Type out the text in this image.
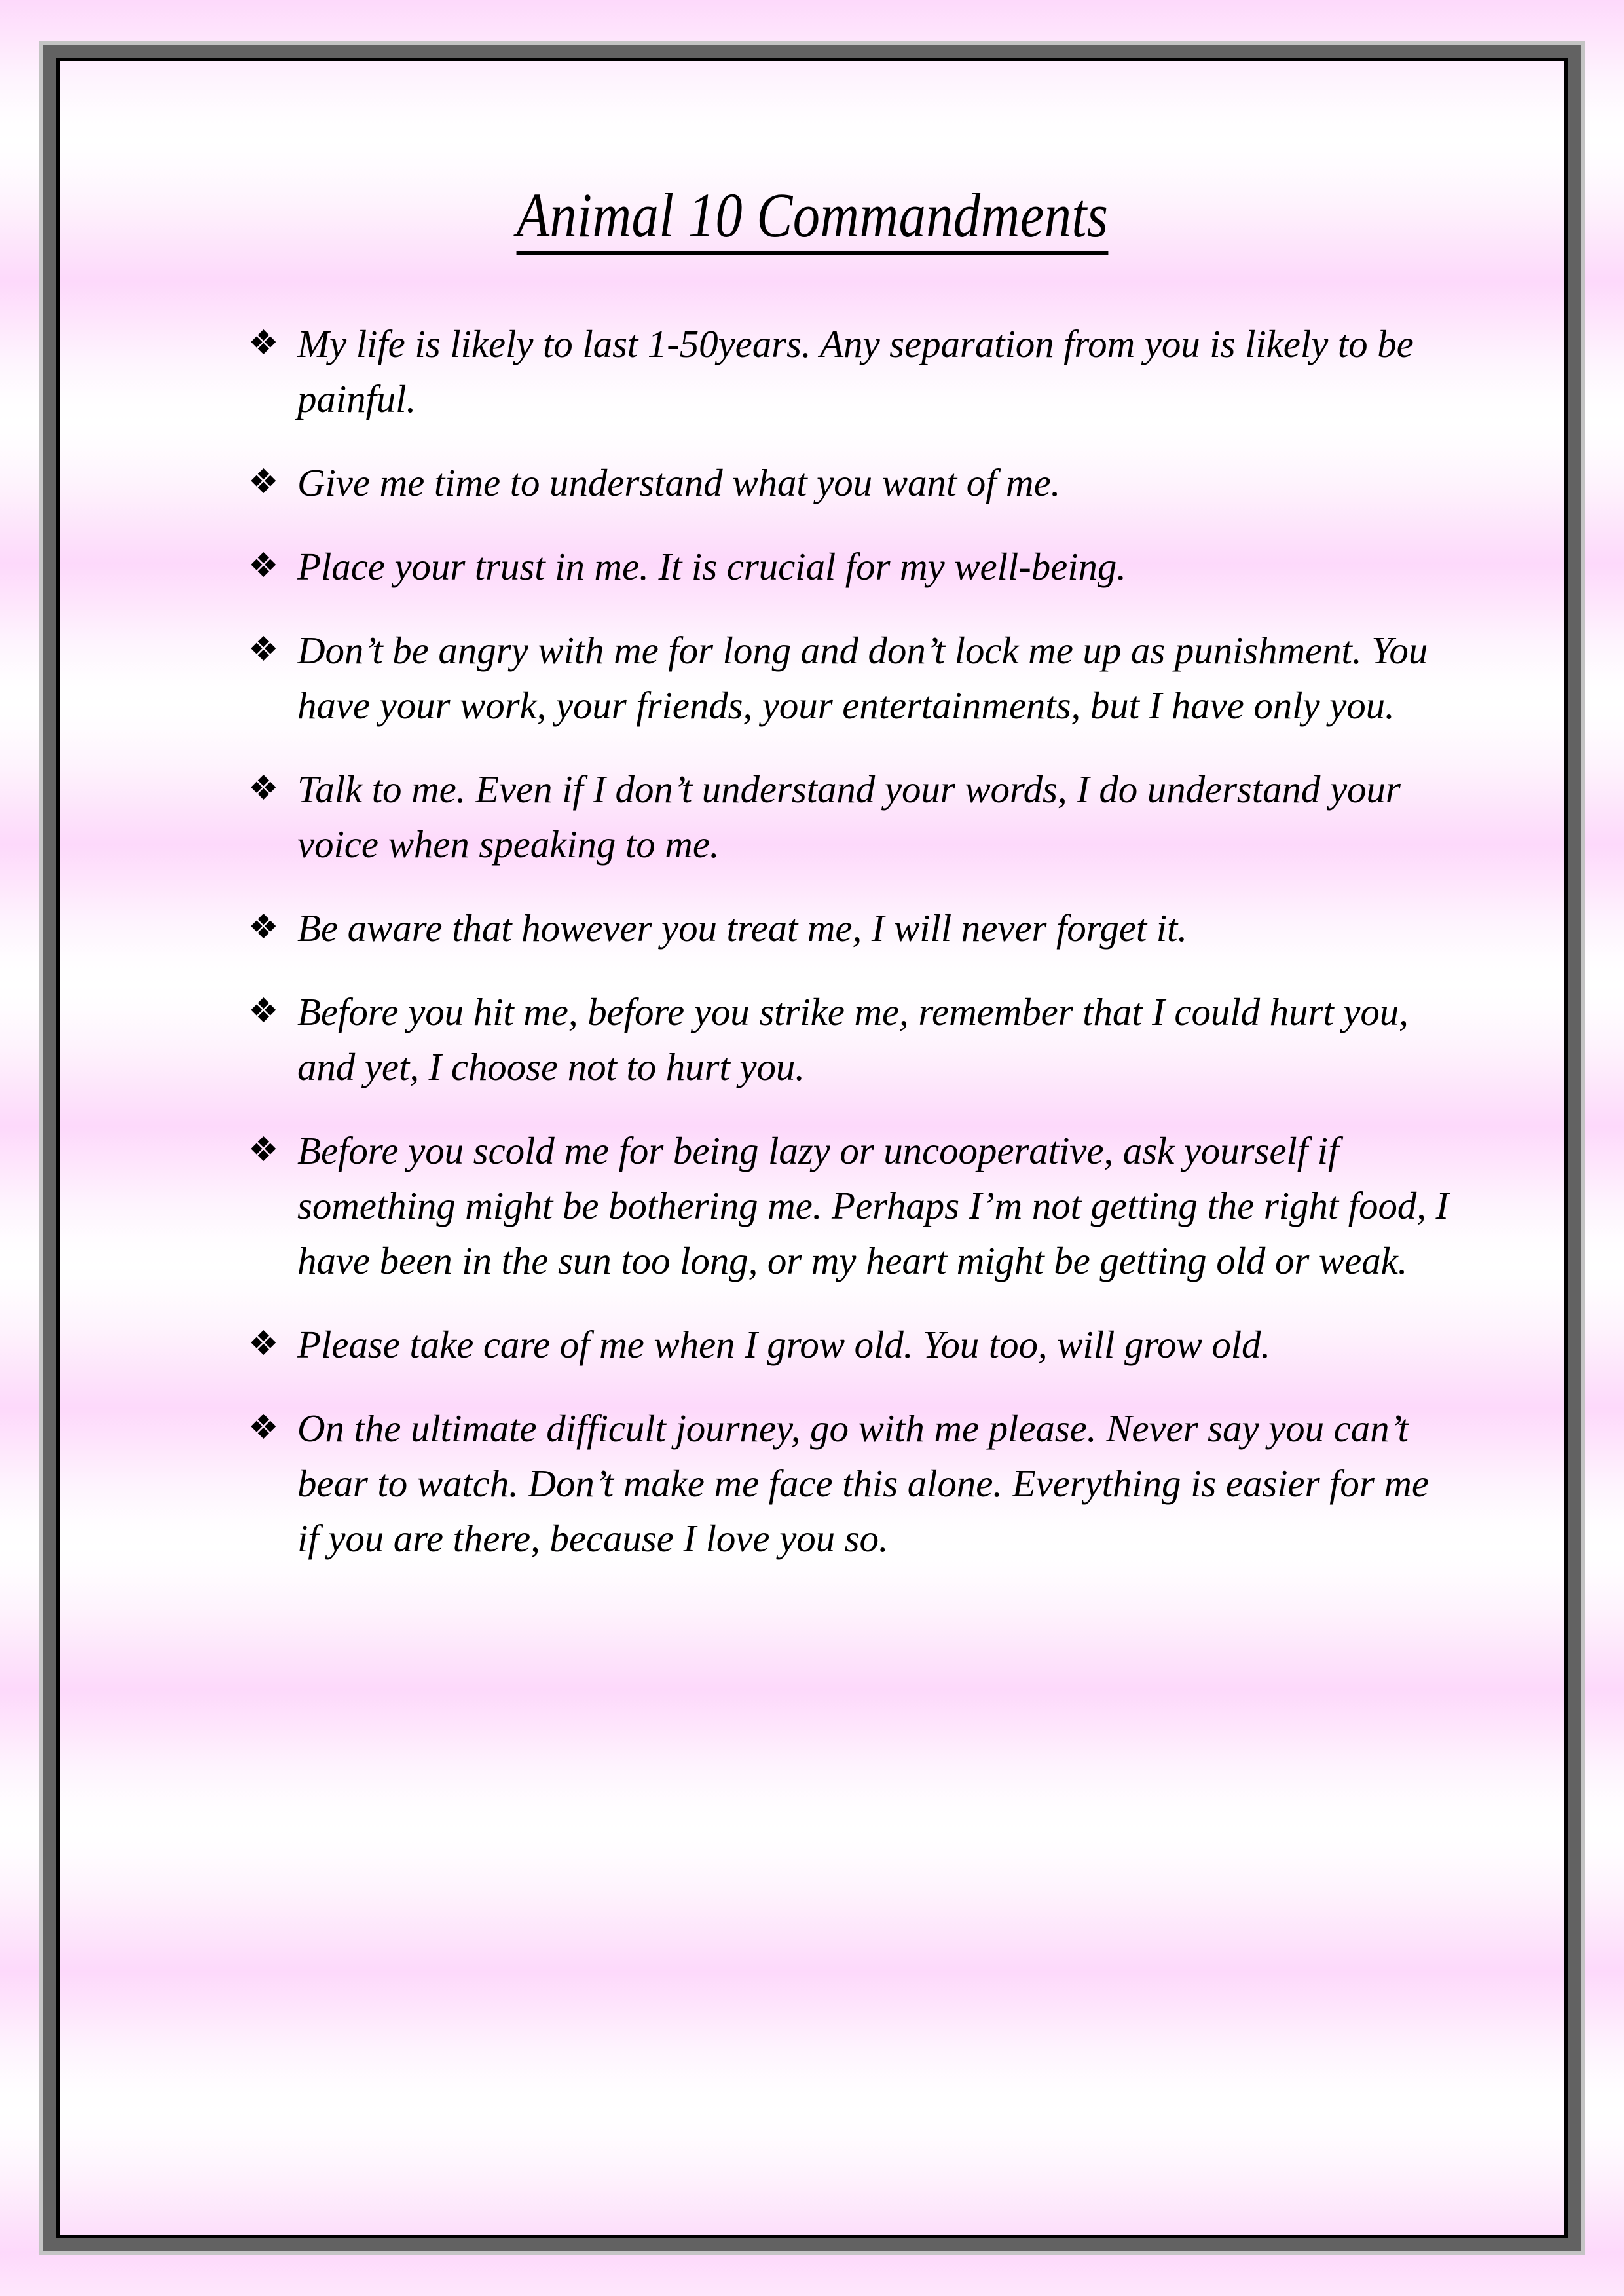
Animal 10 Commandments
❖ My life is likely to last 1-50years. Any separation from you is likely to be painful.
❖ Give me time to understand what you want of me.
❖ Place your trust in me. It is crucial for my well-being.
❖ Don’t be angry with me for long and don’t lock me up as punishment. You have your work, your friends, your entertainments, but I have only you.
❖ Talk to me. Even if I don’t understand your words, I do understand your voice when speaking to me.
❖ Be aware that however you treat me, I will never forget it.
❖ Before you hit me, before you strike me, remember that I could hurt you, and yet, I choose not to hurt you.
❖ Before you scold me for being lazy or uncooperative, ask yourself if something might be bothering me. Perhaps I’m not getting the right food, I have been in the sun too long, or my heart might be getting old or weak.
❖ Please take care of me when I grow old. You too, will grow old.
❖ On the ultimate difficult journey, go with me please. Never say you can’t bear to watch. Don’t make me face this alone. Everything is easier for me if you are there, because I love you so.
